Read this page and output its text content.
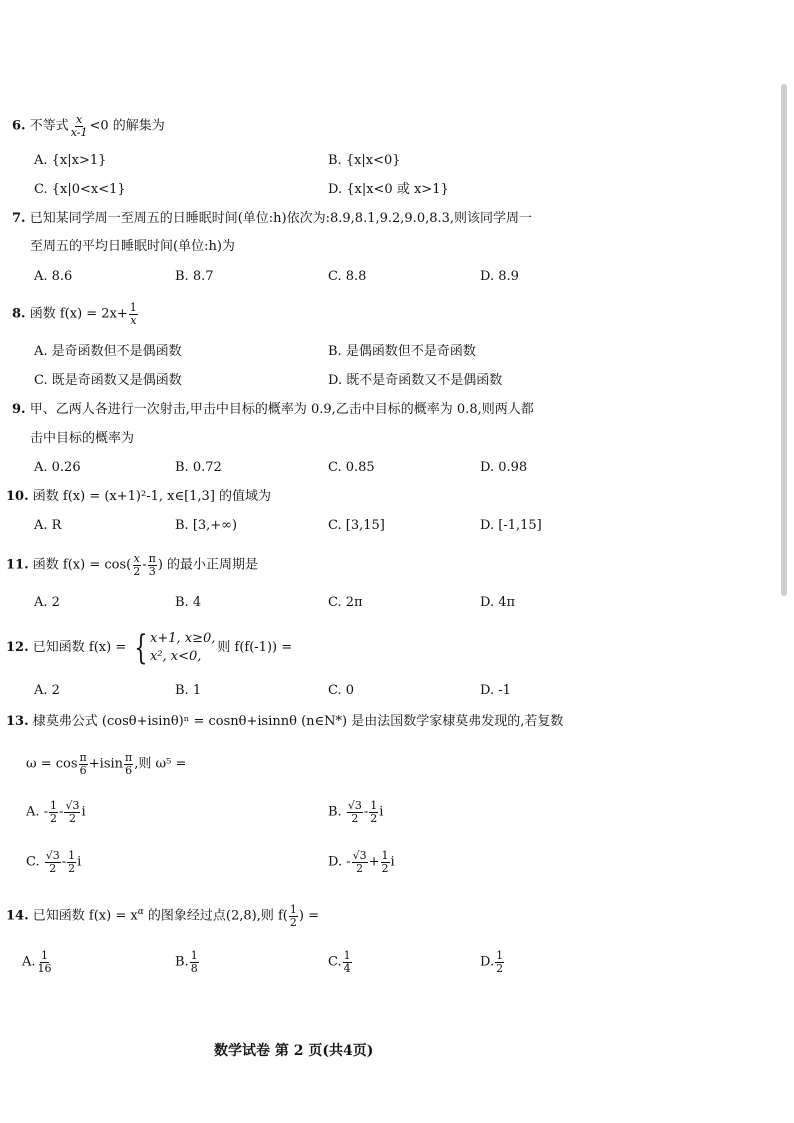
6. 不等式 $\frac{x}{x-1} <0$ 的解集为
A. {x|x>1}	B. {x|x<0}
C. {x|0<x<1}	D. {x|x<0 或 x>1}
7. 已知某同学周一至周五的日睡眠时间(单位:h)依次为:8.9,8.1,9.2,9.0,8.3,则该同学周一
至周五的平均日睡眠时间(单位:h)为
A. 8.6	B. 8.7	C. 8.8	D. 8.9
8. 函数 $f(x) = 2x+ \frac{1}{x}$
A. 是奇函数但不是偶函数	B. 是偶函数但不是奇函数
C. 既是奇函数又是偶函数	D. 既不是奇函数又不是偶函数
9. 甲、乙两人各进行一次射击,甲击中目标的概率为 0.9,乙击中目标的概率为 0.8,则两人都
击中目标的概率为
A. 0.26	B. 0.72	C. 0.85	D. 0.98
10. 函数 f(x) = (x+1)²-1, x∈[1,3] 的值域为
A. R	B. [3,+∞)	C. [3,15]	D. [-1,15]
11. 函数 $f(x) = \cos( \frac{x}{2} - \frac{\pi}{3}$ ) 的最小正周期是
A. 2	B. 4	C. 2π	D. 4π
12. 已知函数 f(x) = { x+1, x≥0,
x², x<0,
则 f(f(-1)) =
A. 2	B. 1	C. 0	D. -1
13. 棣莫弗公式 (cosθ+isinθ)ⁿ = cosnθ+isinnθ (n∈N*) 是由法国数学家棣莫弗发现的,若复数
$\omega = \cos \frac{\pi}{6} +isin \frac{\pi}{6}$ ,则 ω⁵ =
A. - $\frac{1}{2} - \frac{√3}{2}$ i	B. $\frac{√3}{2} - \frac{1}{2}$ i
C. $\frac{√3}{2} - \frac{1}{2}$ i	D. - $\frac{√3}{2} + \frac{1}{2}$ i
14. 已知函数 $f(x) = x^\alpha$ 的图象经过点(2,8),则 $f( \frac{1}{2}$ ) =
A. $\frac{1}{16}$	B. $\frac{1}{8}$	C. $\frac{1}{4}$	D. $\frac{1}{2}$
数学试卷 第 2 页(共4页)
